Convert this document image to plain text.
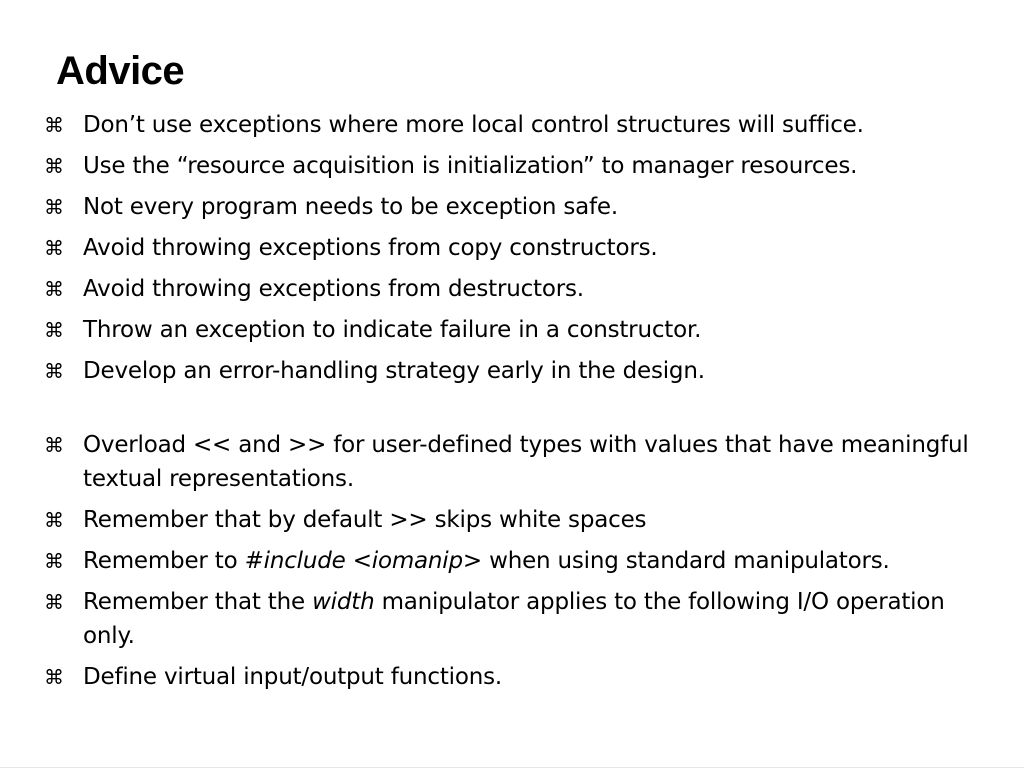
Advice
⌘ Don’t use exceptions where more local control structures will suffice.
⌘ Use the “resource acquisition is initialization” to manager resources.
⌘ Not every program needs to be exception safe.
⌘ Avoid throwing exceptions from copy constructors.
⌘ Avoid throwing exceptions from destructors.
⌘ Throw an exception to indicate failure in a constructor.
⌘ Develop an error-handling strategy early in the design.
⌘ Overload << and >> for user-defined types with values that have meaningful textual representations.
⌘ Remember that by default >> skips white spaces
⌘ Remember to #include <iomanip> when using standard manipulators.
⌘ Remember that the width manipulator applies to the following I/O operation only.
⌘ Define virtual input/output functions.
